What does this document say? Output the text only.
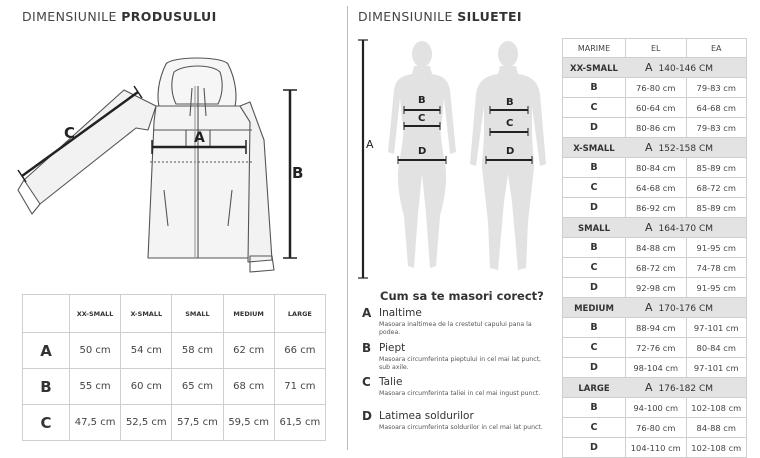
DIMENSIUNILE PRODUSULUI
A
B
C
	XX-SMALL	X-SMALL	SMALL	MEDIUM	LARGE
A	50 cm	54 cm	58 cm	62 cm	66 cm
B	55 cm	60 cm	65 cm	68 cm	71 cm
C	47,5 cm	52,5 cm	57,5 cm	59,5 cm	61,5 cm
DIMENSIUNILE SILUETEI
A
B
C
D
B
C
D
Cum sa te masori corect?
A Inaltime
Masoara inaltimea de la crestetul capului pana la podea.
B Piept
Masoara circumferinta pieptului in cel mai lat punct, sub axile.
C Talie
Masoara circumferinta taliei in cel mai ingust punct.
D Latimea soldurilor
Masoara circumferinta soldurilor in cel mai lat punct.
MARIME	EL	EA
XX-SMALL A 140-146 CM		
B	76-80 cm	79-83 cm
C	60-64 cm	64-68 cm
D	80-86 cm	79-83 cm
X-SMALL A 152-158 CM		
B	80-84 cm	85-89 cm
C	64-68 cm	68-72 cm
D	86-92 cm	85-89 cm
SMALL A 164-170 CM		
B	84-88 cm	91-95 cm
C	68-72 cm	74-78 cm
D	92-98 cm	91-95 cm
MEDIUM A 170-176 CM		
B	88-94 cm	97-101 cm
C	72-76 cm	80-84 cm
D	98-104 cm	97-101 cm
LARGE A 176-182 CM		
B	94-100 cm	102-108 cm
C	76-80 cm	84-88 cm
D	104-110 cm	102-108 cm
